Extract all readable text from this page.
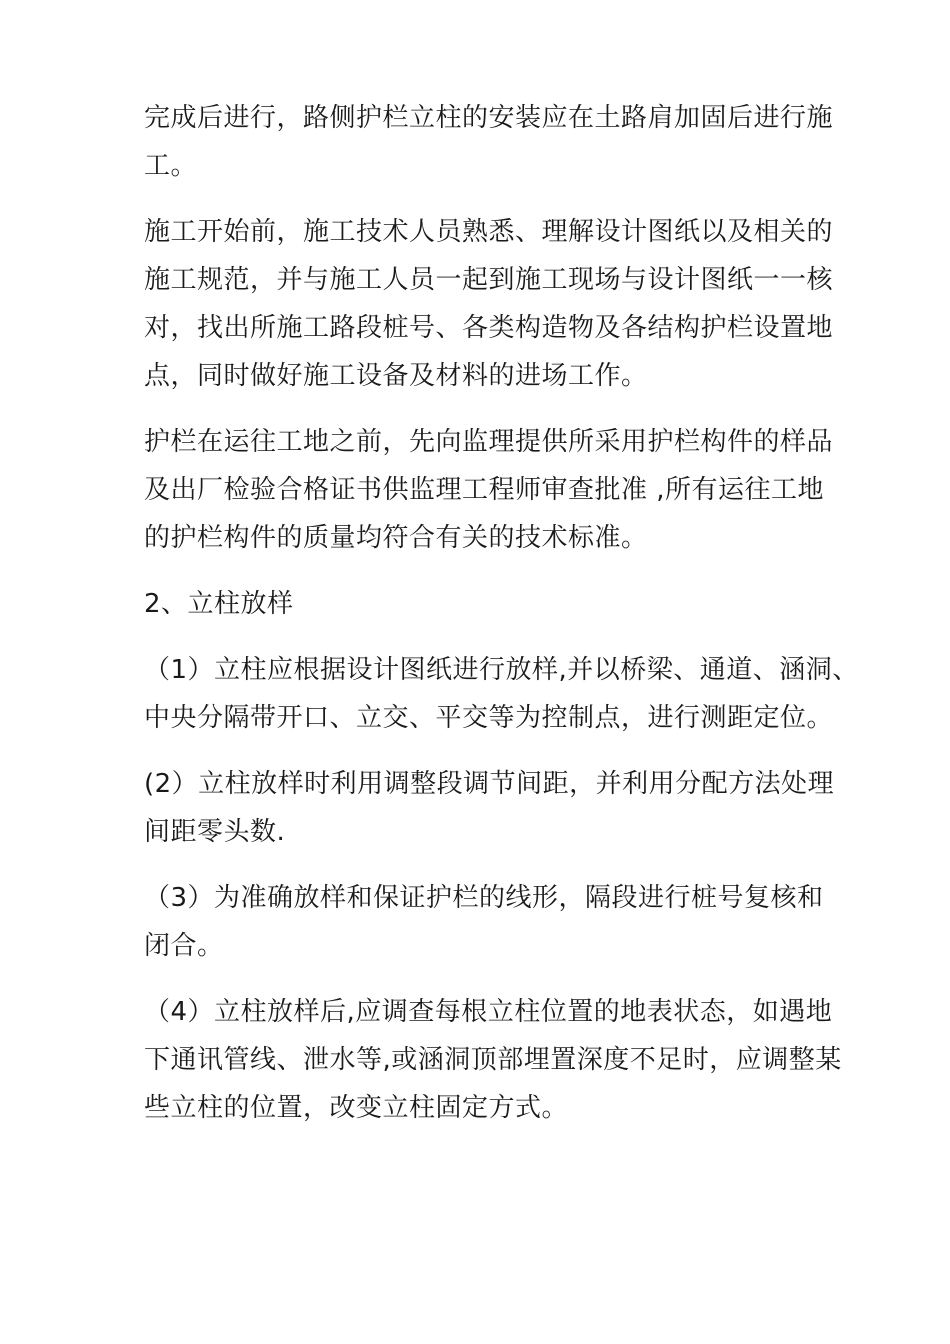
完成后进行，路侧护栏立柱的安装应在土路肩加固后进行施
工。

施工开始前，施工技术人员熟悉、理解设计图纸以及相关的
施工规范，并与施工人员一起到施工现场与设计图纸一一核
对，找出所施工路段桩号、各类构造物及各结构护栏设置地
点，同时做好施工设备及材料的进场工作。

护栏在运往工地之前，先向监理提供所采用护栏构件的样品
及出厂检验合格证书供监理工程师审查批准 ,所有运往工地
的护栏构件的质量均符合有关的技术标准。

2、立柱放样

（1）立柱应根据设计图纸进行放样,并以桥梁、通道、涵洞、
中央分隔带开口、立交、平交等为控制点，进行测距定位。

(2）立柱放样时利用调整段调节间距，并利用分配方法处理
间距零头数.

（3）为准确放样和保证护栏的线形，隔段进行桩号复核和
闭合。

（4）立柱放样后,应调查每根立柱位置的地表状态，如遇地
下通讯管线、泄水等,或涵洞顶部埋置深度不足时，应调整某
些立柱的位置，改变立柱固定方式。
